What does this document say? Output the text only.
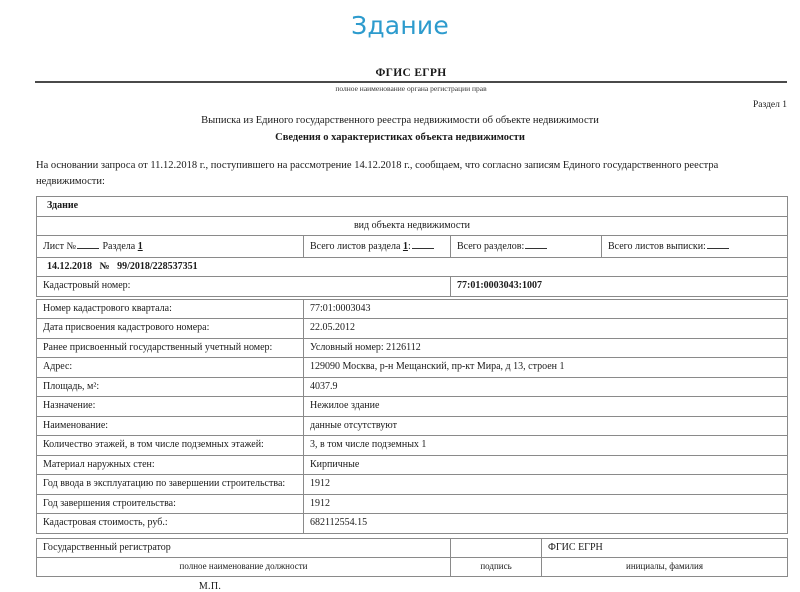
Здание
ФГИС ЕГРН
полное наименование органа регистрации прав
Раздел 1
Выписка из Единого государственного реестра недвижимости об объекте недвижимости
Сведения о характеристиках объекта недвижимости
На основании запроса от 11.12.2018 г., поступившего на рассмотрение 14.12.2018 г., сообщаем, что согласно записям Единого государственного реестра недвижимости:
Здание			
вид объекта недвижимости			
Лист № Раздела 1	Всего листов раздела 1:	Всего разделов:	Всего листов выписки:
14.12.2018 № 99/2018/228537351			
Кадастровый номер:		77:01:0003043:1007	
Номер кадастрового квартала:	77:01:0003043
Дата присвоения кадастрового номера:	22.05.2012
Ранее присвоенный государственный учетный номер:	Условный номер: 2126112
Адрес:	129090 Москва, р-н Мещанский, пр-кт Мира, д 13, строен 1
Площадь, м²:	4037.9
Назначение:	Нежилое здание
Наименование:	данные отсутствуют
Количество этажей, в том числе подземных этажей:	3, в том числе подземных 1
Материал наружных стен:	Кирпичные
Год ввода в эксплуатацию по завершении строительства:	1912
Год завершения строительства:	1912
Кадастровая стоимость, руб.:	682112554.15
Государственный регистратор		ФГИС ЕГРН
полное наименование должности	подпись	инициалы, фамилия
М.П.
